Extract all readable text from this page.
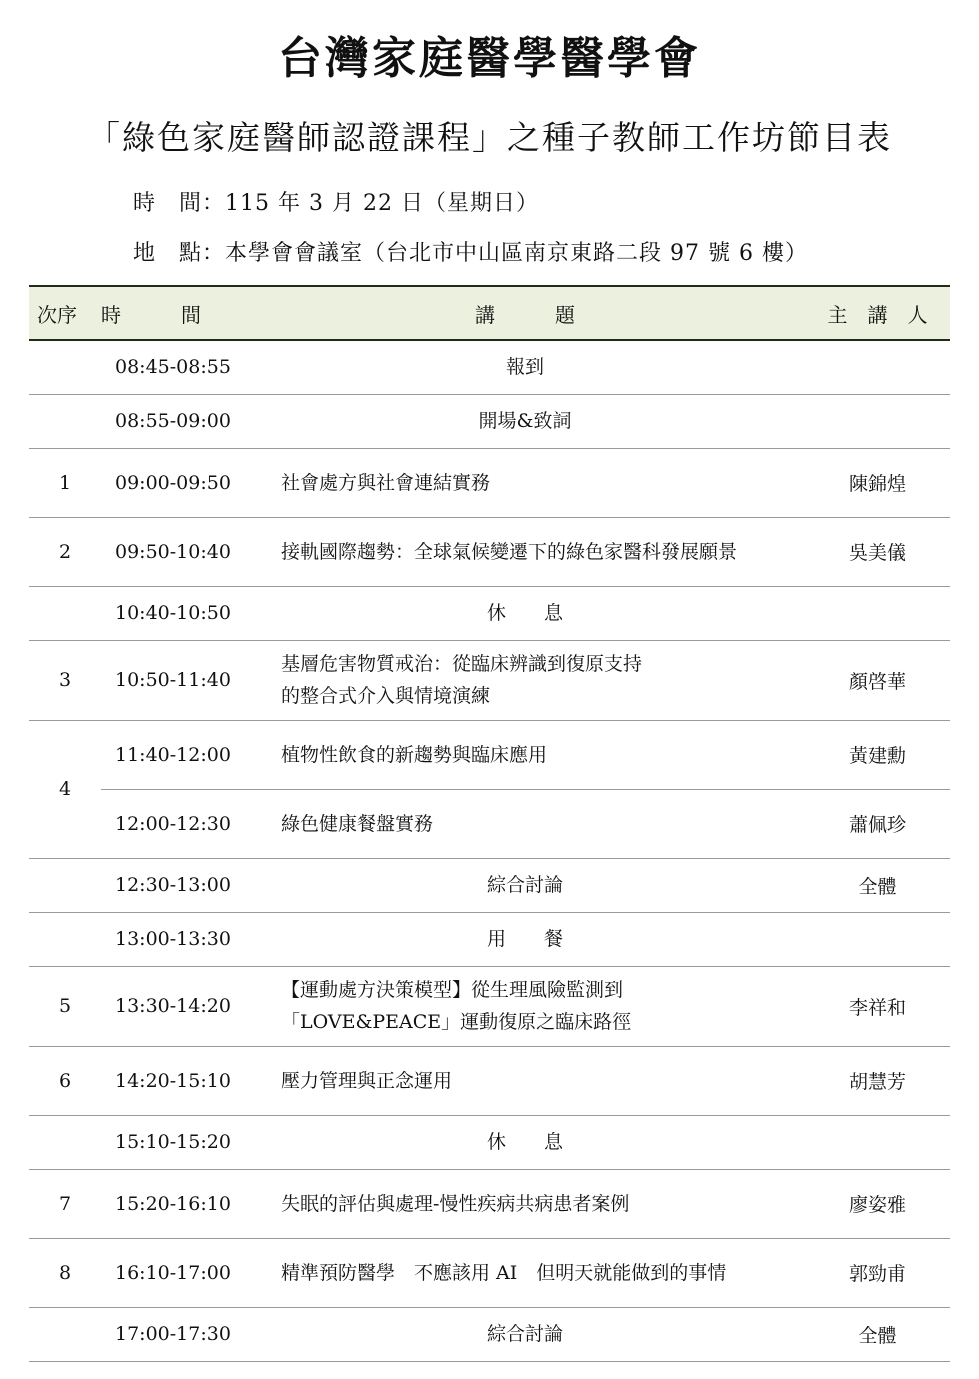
台灣家庭醫學醫學會
「綠色家庭醫師認證課程」之種子教師工作坊節目表
時　間：115 年 3 月 22 日（星期日）
地　點：本學會會議室（台北市中山區南京東路二段 97 號 6 樓）
次序	時　　　間	講　　　題	主　講　人
	08:45-08:55	報到	
	08:55-09:00	開場&致詞	
1	09:00-09:50	社會處方與社會連結實務	陳錦煌
2	09:50-10:40	接軌國際趨勢：全球氣候變遷下的綠色家醫科發展願景	吳美儀
	10:40-10:50	休　　息	
3	10:50-11:40	基層危害物質戒治：從臨床辨識到復原支持的整合式介入與情境演練	顏啓華
4	11:40-12:00	植物性飲食的新趨勢與臨床應用	黃建勳
	12:00-12:30	綠色健康餐盤實務	蕭佩珍
	12:30-13:00	綜合討論	全體
	13:00-13:30	用　　餐	
5	13:30-14:20	【運動處方決策模型】從生理風險監測到「LOVE&PEACE」運動復原之臨床路徑	李祥和
6	14:20-15:10	壓力管理與正念運用	胡慧芳
	15:10-15:20	休　　息	
7	15:20-16:10	失眠的評估與處理-慢性疾病共病患者案例	廖姿雅
8	16:10-17:00	精準預防醫學　不應該用 AI　但明天就能做到的事情	郭勁甫
	17:00-17:30	綜合討論	全體
